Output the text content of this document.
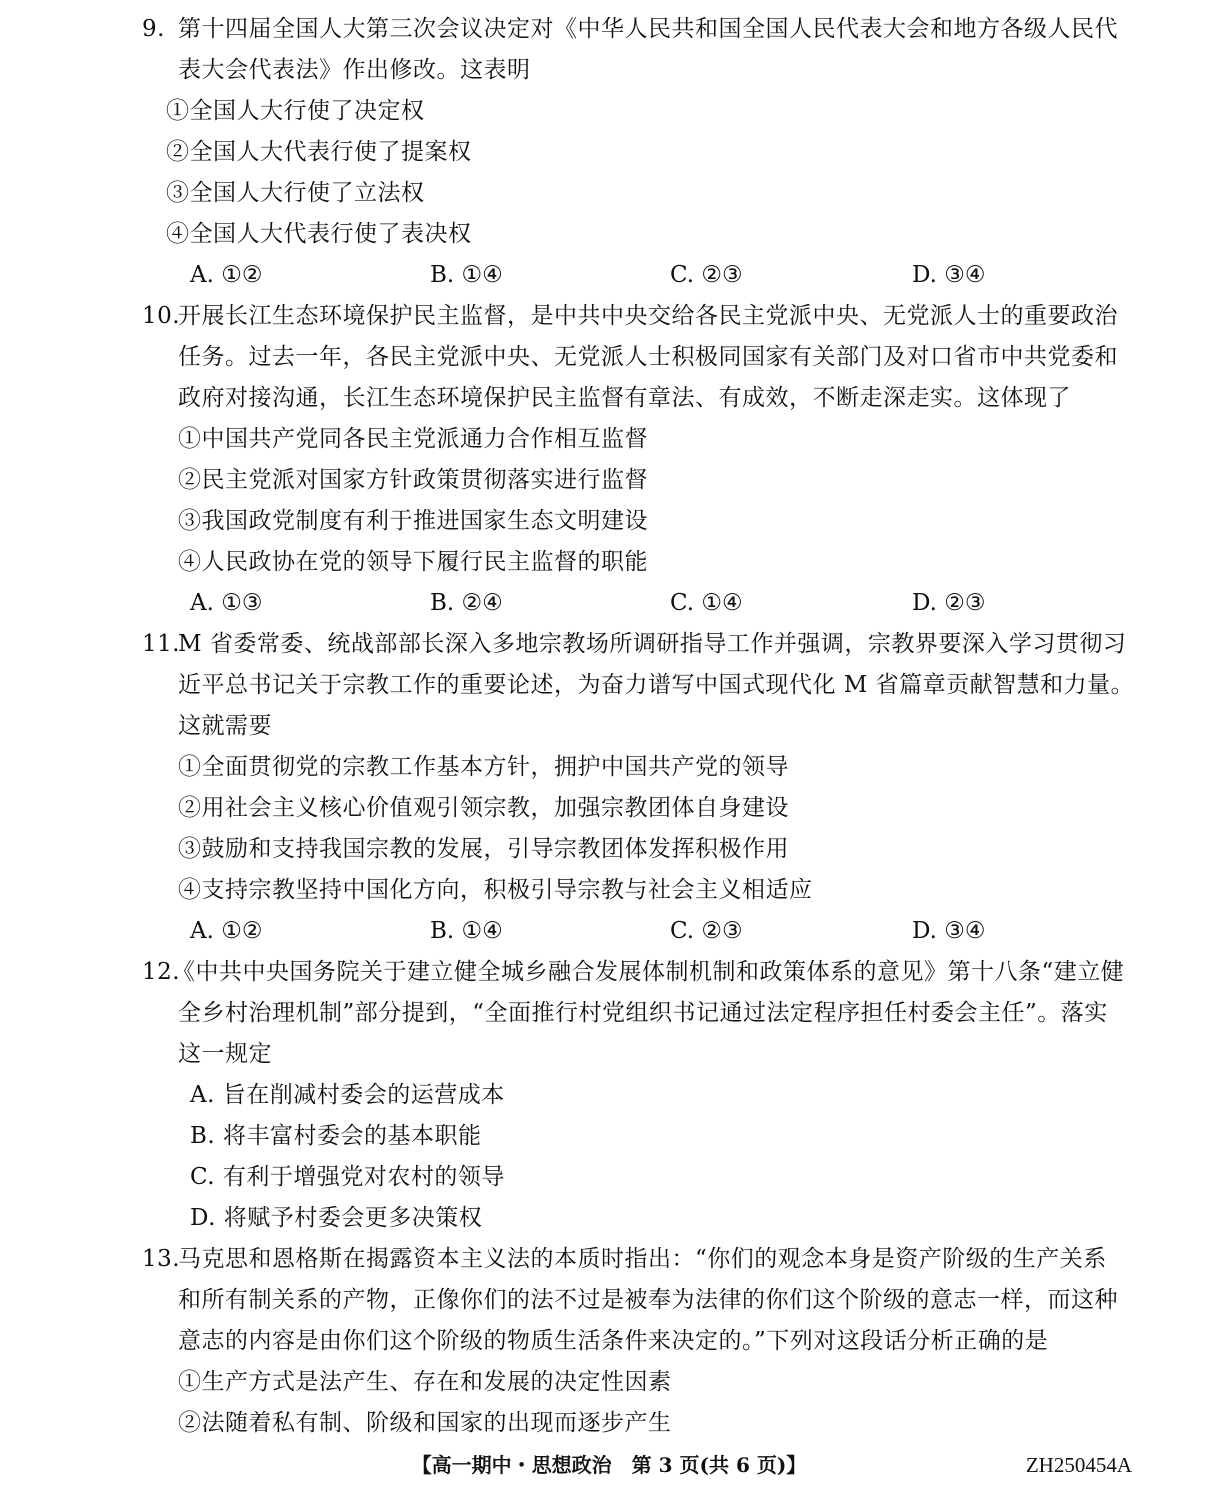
9. 第十四届全国人大第三次会议决定对《中华人民共和国全国人民代表大会和地方各级人民代
表大会代表法》作出修改。这表明
①全国人大行使了决定权
②全国人大代表行使了提案权
③全国人大行使了立法权
④全国人大代表行使了表决权
A. ①②	B. ①④	C. ②③	D. ③④
10.开展长江生态环境保护民主监督，是中共中央交给各民主党派中央、无党派人士的重要政治
任务。过去一年，各民主党派中央、无党派人士积极同国家有关部门及对口省市中共党委和
政府对接沟通，长江生态环境保护民主监督有章法、有成效，不断走深走实。这体现了
①中国共产党同各民主党派通力合作相互监督
②民主党派对国家方针政策贯彻落实进行监督
③我国政党制度有利于推进国家生态文明建设
④人民政协在党的领导下履行民主监督的职能
A. ①③	B. ②④	C. ①④	D. ②③
11.M 省委常委、统战部部长深入多地宗教场所调研指导工作并强调，宗教界要深入学习贯彻习
近平总书记关于宗教工作的重要论述，为奋力谱写中国式现代化 M 省篇章贡献智慧和力量。
这就需要
①全面贯彻党的宗教工作基本方针，拥护中国共产党的领导
②用社会主义核心价值观引领宗教，加强宗教团体自身建设
③鼓励和支持我国宗教的发展，引导宗教团体发挥积极作用
④支持宗教坚持中国化方向，积极引导宗教与社会主义相适应
A. ①②	B. ①④	C. ②③	D. ③④
12.《中共中央国务院关于建立健全城乡融合发展体制机制和政策体系的意见》第十八条“建立健
全乡村治理机制”部分提到，“全面推行村党组织书记通过法定程序担任村委会主任”。落实
这一规定
A. 旨在削减村委会的运营成本
B. 将丰富村委会的基本职能
C. 有利于增强党对农村的领导
D. 将赋予村委会更多决策权
13.马克思和恩格斯在揭露资本主义法的本质时指出：“你们的观念本身是资产阶级的生产关系
和所有制关系的产物，正像你们的法不过是被奉为法律的你们这个阶级的意志一样，而这种
意志的内容是由你们这个阶级的物质生活条件来决定的。”下列对这段话分析正确的是
①生产方式是法产生、存在和发展的决定性因素
②法随着私有制、阶级和国家的出现而逐步产生
【高一期中・思想政治　第 3 页(共 6 页)】	ZH250454A
